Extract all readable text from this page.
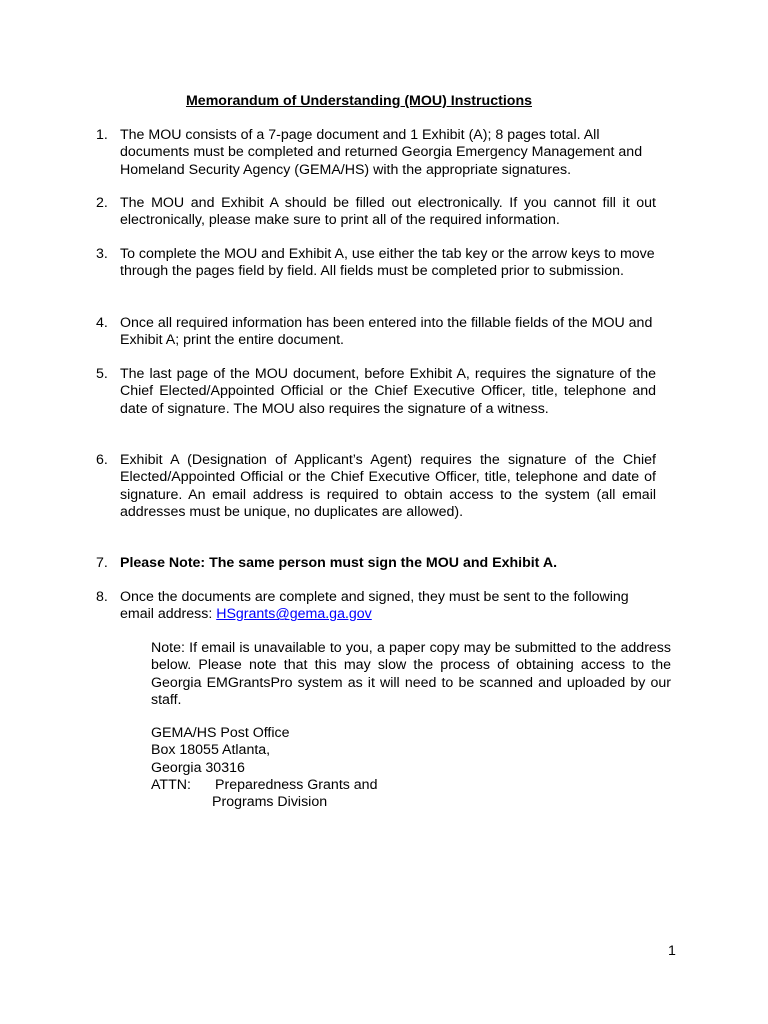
Memorandum of Understanding (MOU) Instructions
1. The MOU consists of a 7-page document and 1 Exhibit (A); 8 pages total. All documents must be completed and returned Georgia Emergency Management and Homeland Security Agency (GEMA/HS) with the appropriate signatures.
2. The MOU and Exhibit A should be filled out electronically. If you cannot fill it out electronically, please make sure to print all of the required information.
3. To complete the MOU and Exhibit A, use either the tab key or the arrow keys to move through the pages field by field. All fields must be completed prior to submission.
4. Once all required information has been entered into the fillable fields of the MOU and Exhibit A; print the entire document.
5. The last page of the MOU document, before Exhibit A, requires the signature of the Chief Elected/Appointed Official or the Chief Executive Officer, title, telephone and date of signature. The MOU also requires the signature of a witness.
6. Exhibit A (Designation of Applicant’s Agent) requires the signature of the Chief Elected/Appointed Official or the Chief Executive Officer, title, telephone and date of signature. An email address is required to obtain access to the system (all email addresses must be unique, no duplicates are allowed).
7. Please Note: The same person must sign the MOU and Exhibit A.
8. Once the documents are complete and signed, they must be sent to the following email address: HSgrants@gema.ga.gov
Note: If email is unavailable to you, a paper copy may be submitted to the address below. Please note that this may slow the process of obtaining access to the Georgia EMGrantsPro system as it will need to be scanned and uploaded by our staff.
GEMA/HS Post Office
Box 18055 Atlanta,
Georgia 30316
ATTN:	Preparedness Grants and
Programs Division
1
